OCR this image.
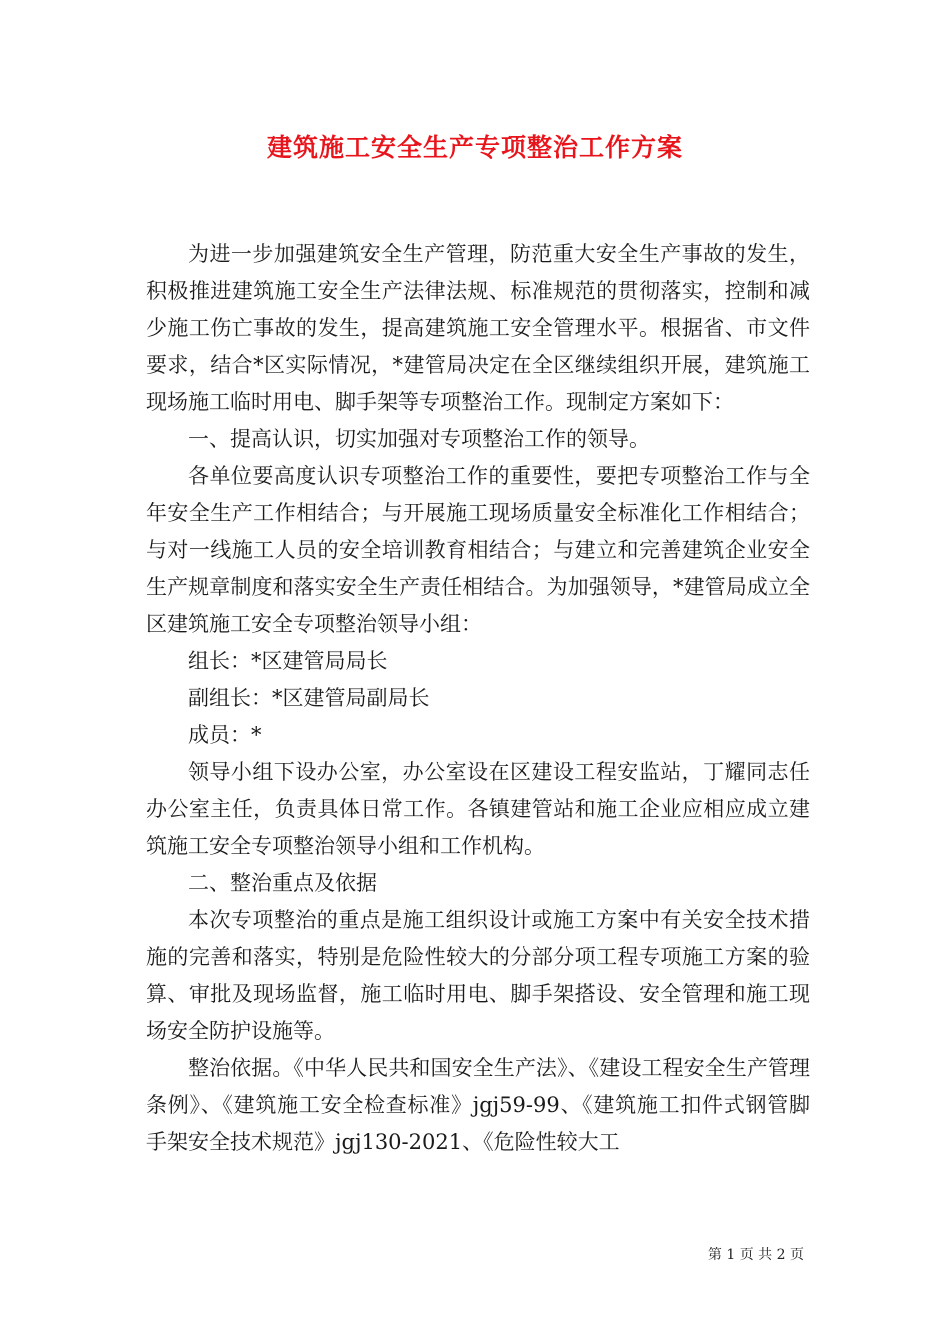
建筑施工安全生产专项整治工作方案

为进一步加强建筑安全生产管理，防范重大安全生产事故的发生，积极推进建筑施工安全生产法律法规、标准规范的贯彻落实，控制和减少施工伤亡事故的发生，提高建筑施工安全管理水平。根据省、市文件要求，结合*区实际情况，*建管局决定在全区继续组织开展，建筑施工现场施工临时用电、脚手架等专项整治工作。现制定方案如下：

一、提高认识，切实加强对专项整治工作的领导。

各单位要高度认识专项整治工作的重要性，要把专项整治工作与全年安全生产工作相结合；与开展施工现场质量安全标准化工作相结合；与对一线施工人员的安全培训教育相结合；与建立和完善建筑企业安全生产规章制度和落实安全生产责任相结合。为加强领导，*建管局成立全区建筑施工安全专项整治领导小组：

组长：*区建管局局长

副组长：*区建管局副局长

成员：*

领导小组下设办公室，办公室设在区建设工程安监站，丁耀同志任办公室主任，负责具体日常工作。各镇建管站和施工企业应相应成立建筑施工安全专项整治领导小组和工作机构。

二、整治重点及依据

本次专项整治的重点是施工组织设计或施工方案中有关安全技术措施的完善和落实，特别是危险性较大的分部分项工程专项施工方案的验算、审批及现场监督，施工临时用电、脚手架搭设、安全管理和施工现场安全防护设施等。

整治依据。《中华人民共和国安全生产法》、《建设工程安全生产管理条例》、《建筑施工安全检查标准》jgj59-99、《建筑施工扣件式钢管脚手架安全技术规范》jgj130-2021、《危险性较大工

第 1 页 共 2 页
